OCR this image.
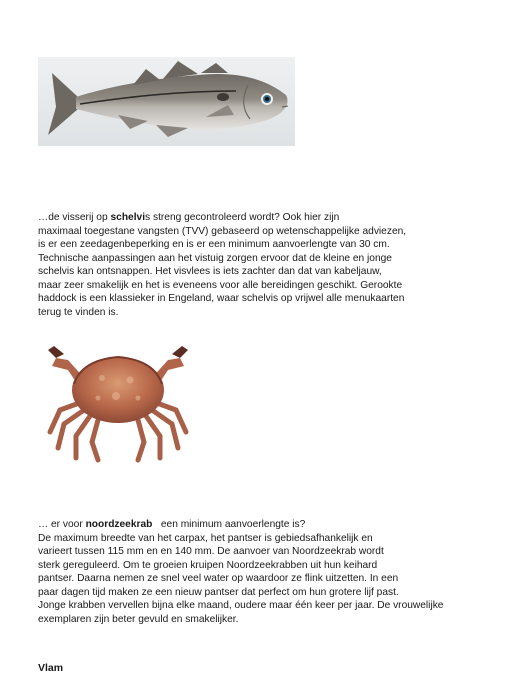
…de visserij op schelvis streng gecontroleerd wordt? Ook hier zijn
maximaal toegestane vangsten (TVV) gebaseerd op wetenschappelijke adviezen,
is er een zeedagenbeperking en is er een minimum aanvoerlengte van 30 cm.
Technische aanpassingen aan het vistuig zorgen ervoor dat de kleine en jonge
schelvis kan ontsnappen. Het visvlees is iets zachter dan dat van kabeljauw,
maar zeer smakelijk en het is eveneens voor alle bereidingen geschikt. Gerookte
haddock is een klassieker in Engeland, waar schelvis op vrijwel alle menukaarten
terug te vinden is.
… er voor noordzeekrab   een minimum aanvoerlengte is?
De maximum breedte van het carpax, het pantser is gebiedsafhankelijk en
varieert tussen 115 mm en en 140 mm. De aanvoer van Noordzeekrab wordt
sterk gereguleerd. Om te groeien kruipen Noordzeekrabben uit hun keihard
pantser. Daarna nemen ze snel veel water op waardoor ze flink uitzetten. In een
paar dagen tijd maken ze een nieuw pantser dat perfect om hun grotere lijf past.
Jonge krabben vervellen bijna elke maand, oudere maar één keer per jaar. De vrouwelijke
exemplaren zijn beter gevuld en smakelijker.
Vlam
